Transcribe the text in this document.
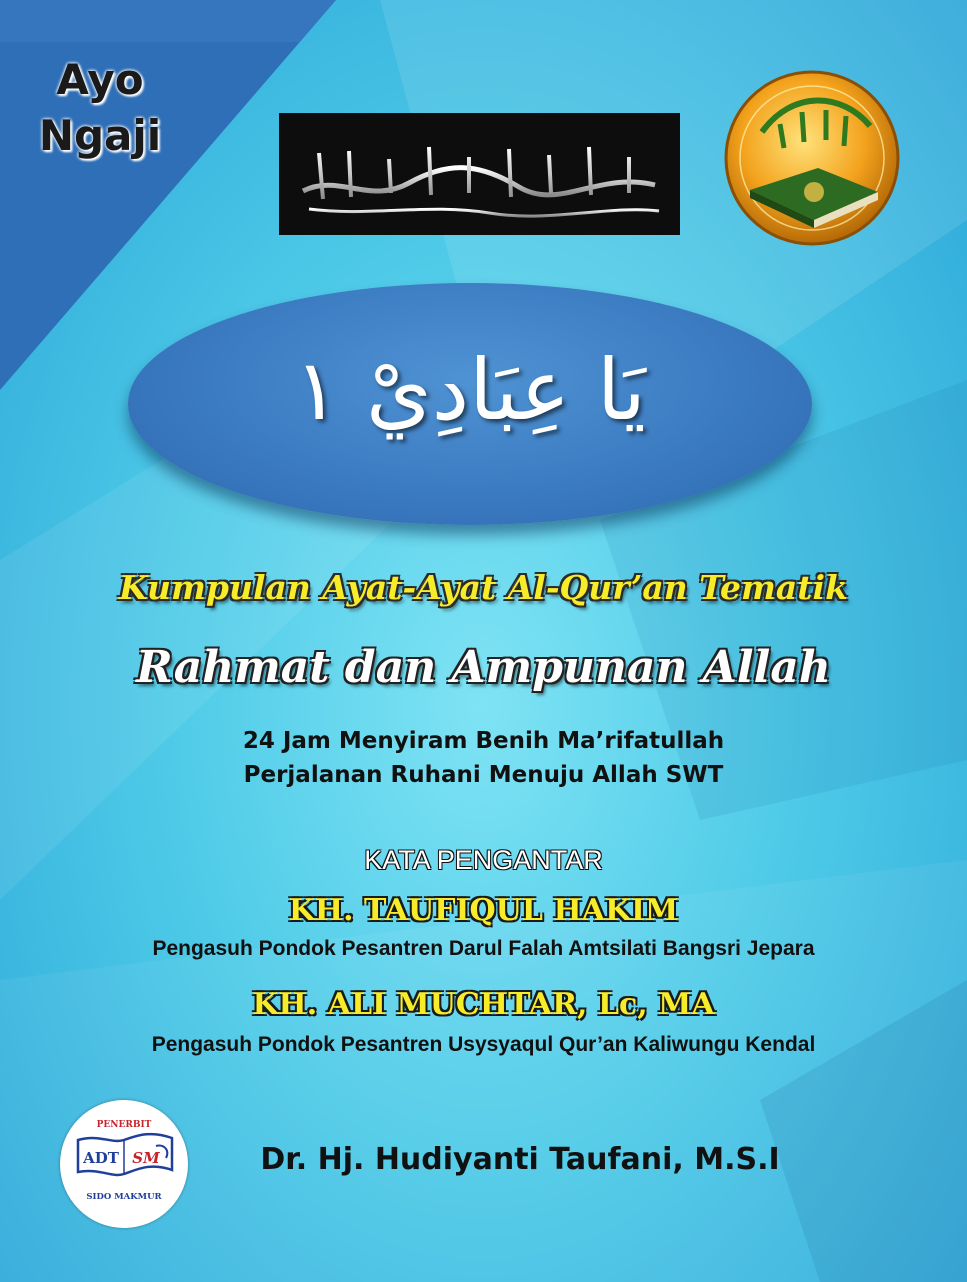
Ayo
Ngaji
يَا عِبَادِيْ ١
Kumpulan Ayat-Ayat Al-Qur’an Tematik
Rahmat dan Ampunan Allah
24 Jam Menyiram Benih Ma’rifatullah
Perjalanan Ruhani Menuju Allah SWT
KATA PENGANTAR
KH. TAUFIQUL HAKIM
Pengasuh Pondok Pesantren Darul Falah Amtsilati Bangsri Jepara
KH. ALI MUCHTAR, Lc, MA
Pengasuh Pondok Pesantren Usysyaqul Qur’an Kaliwungu Kendal
PENERBIT
ADT SM
SIDO MAKMUR
Dr. Hj. Hudiyanti Taufani, M.S.I
